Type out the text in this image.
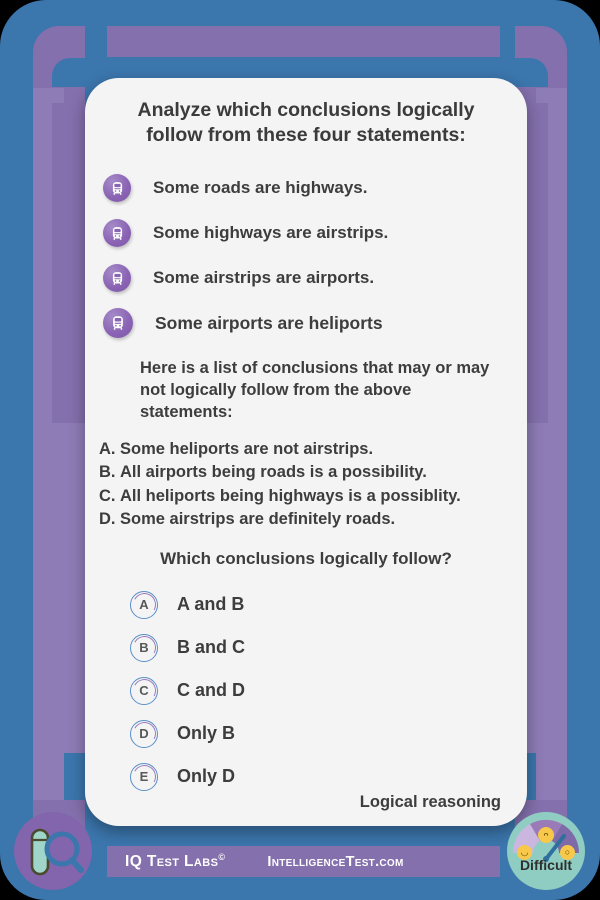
Analyze which conclusions logically follow from these four statements:
Some roads are highways.
Some highways are airstrips.
Some airstrips are airports.
Some airports are heliports
Here is a list of conclusions that may or may not logically follow from the above statements:
A. Some heliports are not airstrips.
B. All airports being roads is a possibility.
C. All heliports being highways is a possiblity.
D. Some airstrips are definitely roads.
Which conclusions logically follow?
A A and B
B B and C
C C and D
D Only B
E Only D
Logical reasoning
IQ Test Labs©	IntelligenceTest.com
◡
ᴖ
○
Difficult
